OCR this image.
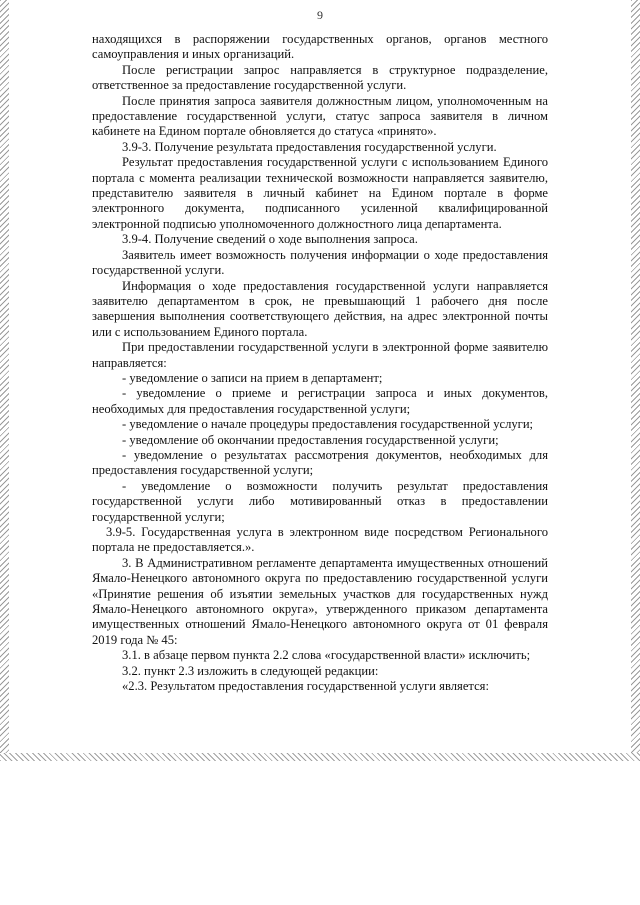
9

находящихся в распоряжении государственных органов, органов местного самоуправления и иных организаций.

После регистрации запрос направляется в структурное подразделение, ответственное за предоставление государственной услуги.

После принятия запроса заявителя должностным лицом, уполномоченным на предоставление государственной услуги, статус запроса заявителя в личном кабинете на Едином портале обновляется до статуса «принято».

3.9-3. Получение результата предоставления государственной услуги.

Результат предоставления государственной услуги с использованием Единого портала с момента реализации технической возможности направляется заявителю, представителю заявителя в личный кабинет на Едином портале в форме электронного документа, подписанного усиленной квалифицированной электронной подписью уполномоченного должностного лица департамента.

3.9-4. Получение сведений о ходе выполнения запроса.

Заявитель имеет возможность получения информации о ходе предоставления государственной услуги.

Информация о ходе предоставления государственной услуги направляется заявителю департаментом в срок, не превышающий 1 рабочего дня после завершения выполнения соответствующего действия, на адрес электронной почты или с использованием Единого портала.

При предоставлении государственной услуги в электронной форме заявителю направляется:

- уведомление о записи на прием в департамент;

- уведомление о приеме и регистрации запроса и иных документов, необходимых для предоставления государственной услуги;

- уведомление о начале процедуры предоставления государственной услуги;

- уведомление об окончании предоставления государственной услуги;

- уведомление о результатах рассмотрения документов, необходимых для предоставления государственной услуги;

- уведомление о возможности получить результат предоставления государственной услуги либо мотивированный отказ в предоставлении государственной услуги;

3.9-5. Государственная услуга в электронном виде посредством Регионального портала не предоставляется.».

3. В Административном регламенте департамента имущественных отношений Ямало-Ненецкого автономного округа по предоставлению государственной услуги «Принятие решения об изъятии земельных участков для государственных нужд Ямало-Ненецкого автономного округа», утвержденного приказом департамента имущественных отношений Ямало-Ненецкого автономного округа от 01 февраля 2019 года № 45:

3.1. в абзаце первом пункта 2.2 слова «государственной власти» исключить;

3.2. пункт 2.3 изложить в следующей редакции:

«2.3. Результатом предоставления государственной услуги является:
